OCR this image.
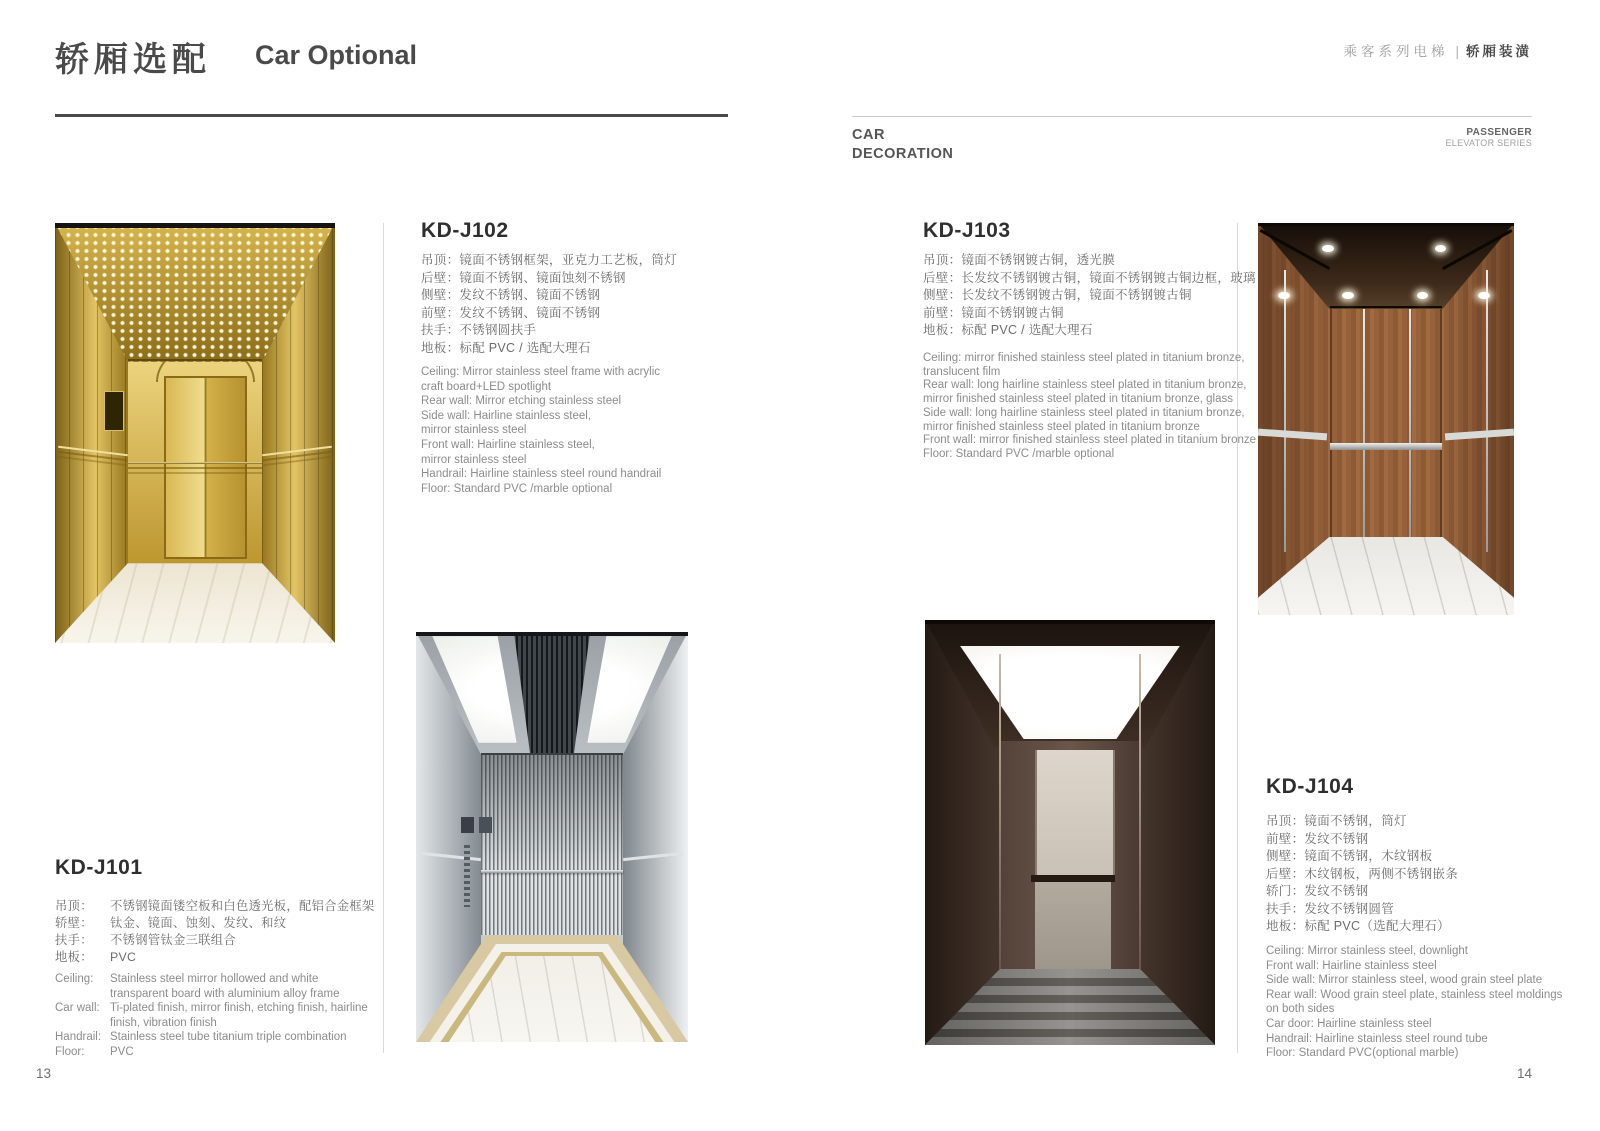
轿厢选配 Car Optional	乘客系列电梯 | 轿厢装潢
CAR
DECORATION
PASSENGER
ELEVATOR SERIES
KD-J102
吊顶：镜面不锈钢框架，亚克力工艺板，筒灯
后壁：镜面不锈钢、镜面蚀刻不锈钢
侧壁：发纹不锈钢、镜面不锈钢
前壁：发纹不锈钢、镜面不锈钢
扶手：不锈钢圆扶手
地板：标配 PVC / 选配大理石
Ceiling: Mirror stainless steel frame with acrylic
craft board+LED spotlight
Rear wall: Mirror etching stainless steel
Side wall: Hairline stainless steel,
mirror stainless steel
Front wall: Hairline stainless steel,
mirror stainless steel
Handrail: Hairline stainless steel round handrail
Floor: Standard PVC /marble optional
KD-J101
吊顶：	不锈钢镜面镂空板和白色透光板，配铝合金框架
轿壁：	钛金、镜面、蚀刻、发纹、和纹
扶手：	不锈钢管钛金三联组合
地板：	PVC
Ceiling:	Stainless steel mirror hollowed and white transparent board with aluminium alloy frame
Car wall: Ti-plated finish, mirror finish, etching finish, hairline finish, vibration finish
Handrail: Stainless steel tube titanium triple combination
Floor:	PVC
KD-J103
吊顶：镜面不锈钢镀古铜，透光膜
后壁：长发纹不锈钢镀古铜，镜面不锈钢镀古铜边框，玻璃
侧壁：长发纹不锈钢镀古铜，镜面不锈钢镀古铜
前壁：镜面不锈钢镀古铜
地板：标配 PVC / 选配大理石
Ceiling: mirror finished stainless steel plated in titanium bronze,
translucent film
Rear wall: long hairline stainless steel plated in titanium bronze,
mirror finished stainless steel plated in titanium bronze, glass
Side wall: long hairline stainless steel plated in titanium bronze,
mirror finished stainless steel plated in titanium bronze
Front wall: mirror finished stainless steel plated in titanium bronze
Floor: Standard PVC /marble optional
KD-J104
吊顶：镜面不锈钢，筒灯
前壁：发纹不锈钢
侧壁：镜面不锈钢，木纹钢板
后壁：木纹钢板，两侧不锈钢嵌条
轿门：发纹不锈钢
扶手：发纹不锈钢圆管
地板：标配 PVC（选配大理石）
Ceiling: Mirror stainless steel, downlight
Front wall: Hairline stainless steel
Side wall: Mirror stainless steel, wood grain steel plate
Rear wall: Wood grain steel plate, stainless steel moldings
on both sides
Car door: Hairline stainless steel
Handrail: Hairline stainless steel round tube
Floor: Standard PVC(optional marble)
13	14
